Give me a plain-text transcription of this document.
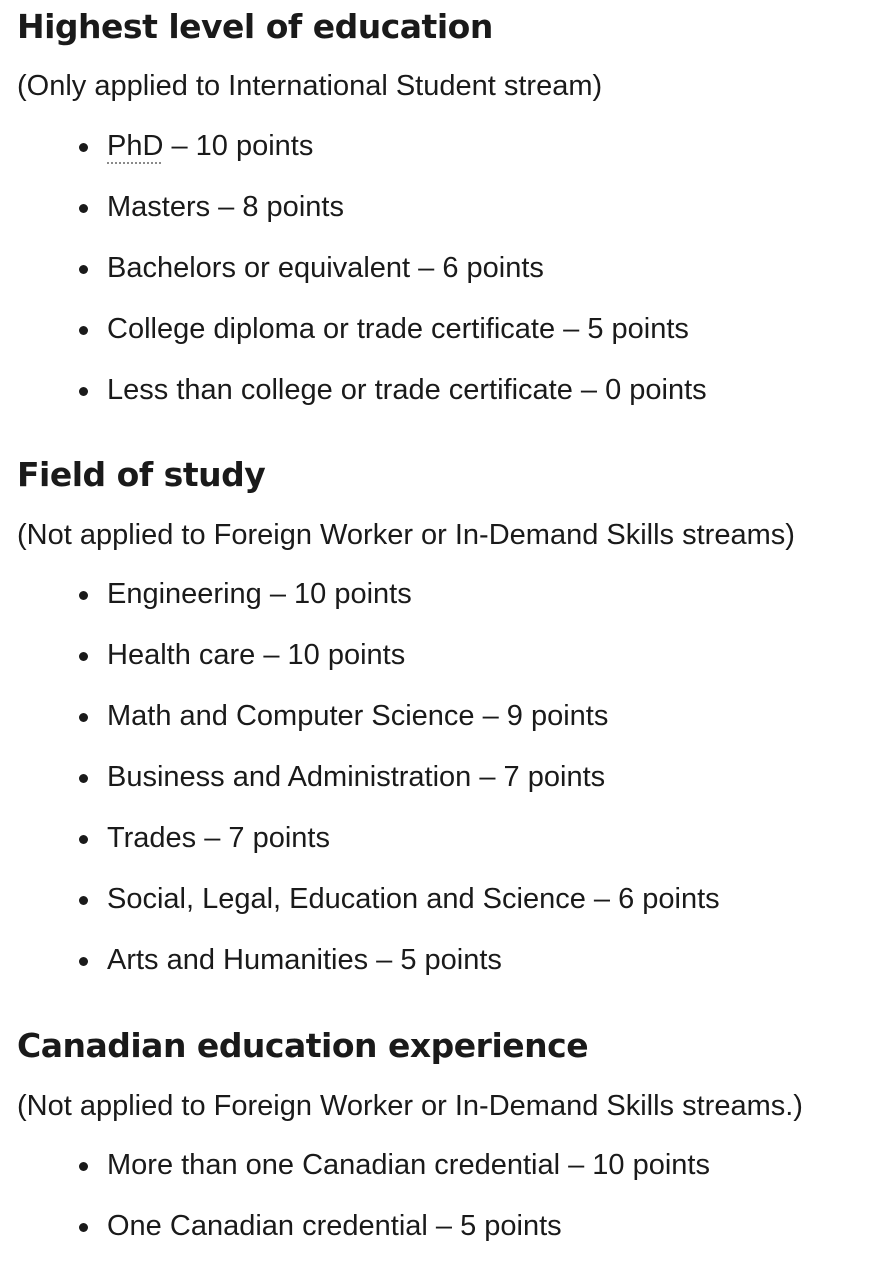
Highest level of education

(Only applied to International Student stream)

PhD – 10 points
Masters – 8 points
Bachelors or equivalent – 6 points
College diploma or trade certificate – 5 points
Less than college or trade certificate – 0 points
Field of study

(Not applied to Foreign Worker or In-Demand Skills streams)

Engineering – 10 points
Health care – 10 points
Math and Computer Science – 9 points
Business and Administration – 7 points
Trades – 7 points
Social, Legal, Education and Science – 6 points
Arts and Humanities – 5 points
Canadian education experience

(Not applied to Foreign Worker or In-Demand Skills streams.)

More than one Canadian credential – 10 points
One Canadian credential – 5 points
